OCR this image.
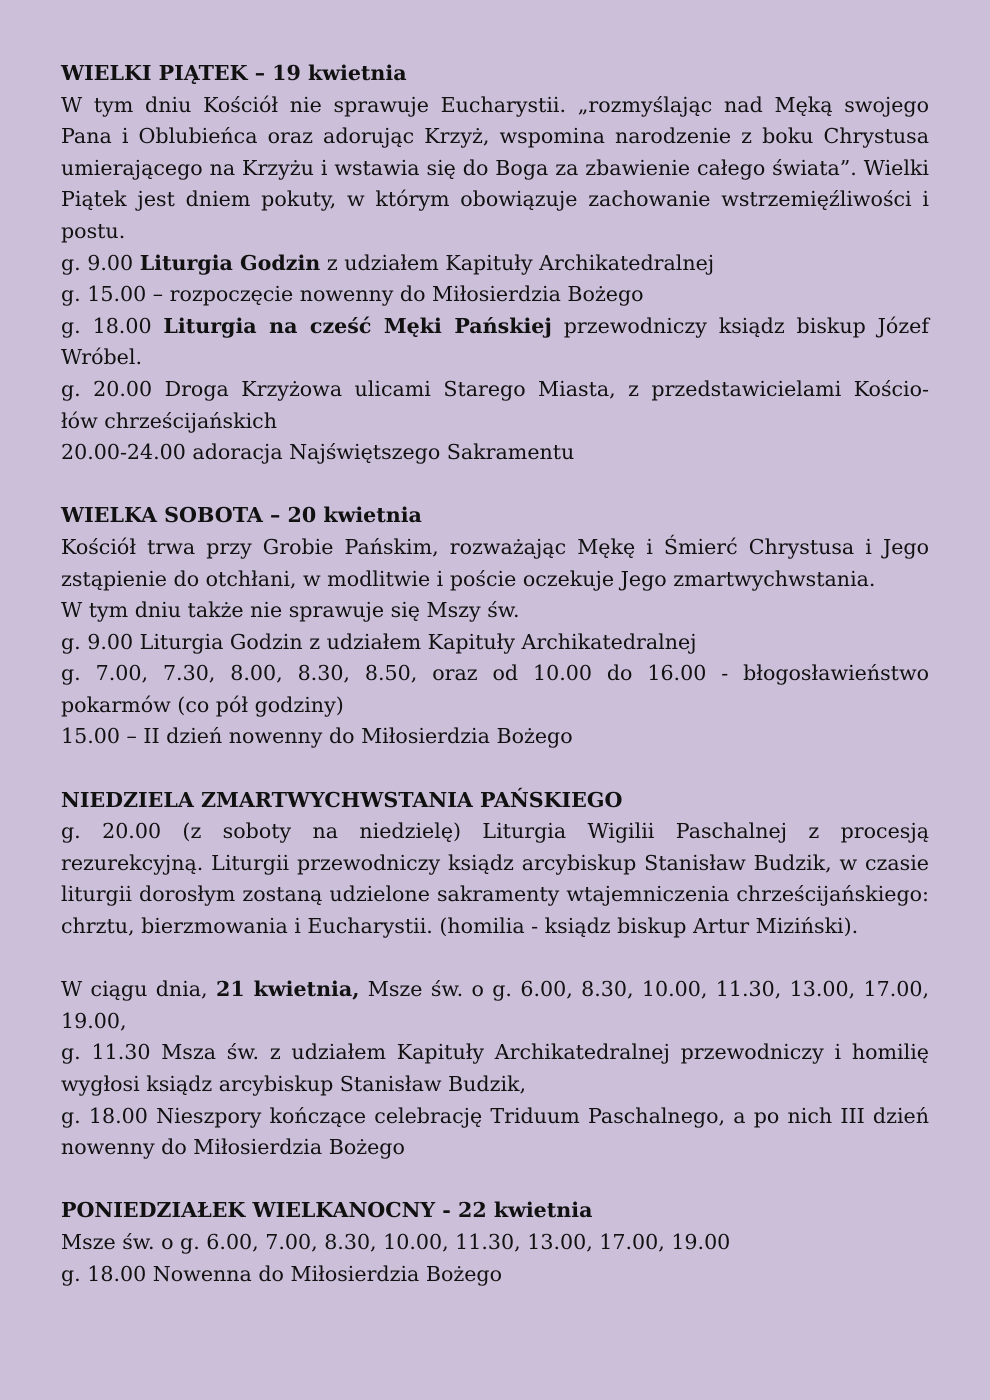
WIELKI PIĄTEK – 19 kwietnia

W tym dniu Kościół nie sprawuje Eucharystii. „rozmyślając nad Męką swojego Pana i Oblubieńca oraz adorując Krzyż, wspomina narodzenie z boku Chrystusa umierającego na Krzyżu i wstawia się do Boga za zbawienie całego świata”. Wielki Piątek jest dniem pokuty, w którym obowiązuje zachowanie wstrzemięźliwości i postu.

g. 9.00 Liturgia Godzin z udziałem Kapituły Archikatedralnej

g. 15.00 – rozpoczęcie nowenny do Miłosierdzia Bożego

g. 18.00 Liturgia na cześć Męki Pańskiej przewodniczy ksiądz biskup Józef Wróbel.

g. 20.00 Droga Krzyżowa ulicami Starego Miasta, z przedstawicielami Kościo-

łów chrześcijańskich

20.00-24.00 adoracja Najświętszego Sakramentu

WIELKA SOBOTA – 20 kwietnia

Kościół trwa przy Grobie Pańskim, rozważając Mękę i Śmierć Chrystusa i Jego zstąpienie do otchłani, w modlitwie i poście oczekuje Jego zmartwychwstania.

W tym dniu także nie sprawuje się Mszy św.

g. 9.00 Liturgia Godzin z udziałem Kapituły Archikatedralnej

g. 7.00, 7.30, 8.00, 8.30, 8.50, oraz od 10.00 do 16.00 - błogosławieństwo pokarmów (co pół godziny)

15.00 – II dzień nowenny do Miłosierdzia Bożego

NIEDZIELA ZMARTWYCHWSTANIA PAŃSKIEGO

g. 20.00 (z soboty na niedzielę) Liturgia Wigilii Paschalnej z procesją rezurekcyjną. Liturgii przewodniczy ksiądz arcybiskup Stanisław Budzik, w czasie liturgii dorosłym zostaną udzielone sakramenty wtajemniczenia chrześcijańskiego: chrztu, bierzmowania i Eucharystii. (homilia - ksiądz biskup Artur Miziński).

W ciągu dnia, 21 kwietnia, Msze św. o g. 6.00, 8.30, 10.00, 11.30, 13.00, 17.00, 19.00,

g. 11.30 Msza św. z udziałem Kapituły Archikatedralnej przewodniczy i homilię wygłosi ksiądz arcybiskup Stanisław Budzik,

g. 18.00 Nieszpory kończące celebrację Triduum Paschalnego, a po nich III dzień nowenny do Miłosierdzia Bożego

PONIEDZIAŁEK WIELKANOCNY - 22 kwietnia

Msze św. o g. 6.00, 7.00, 8.30, 10.00, 11.30, 13.00, 17.00, 19.00

g. 18.00 Nowenna do Miłosierdzia Bożego
